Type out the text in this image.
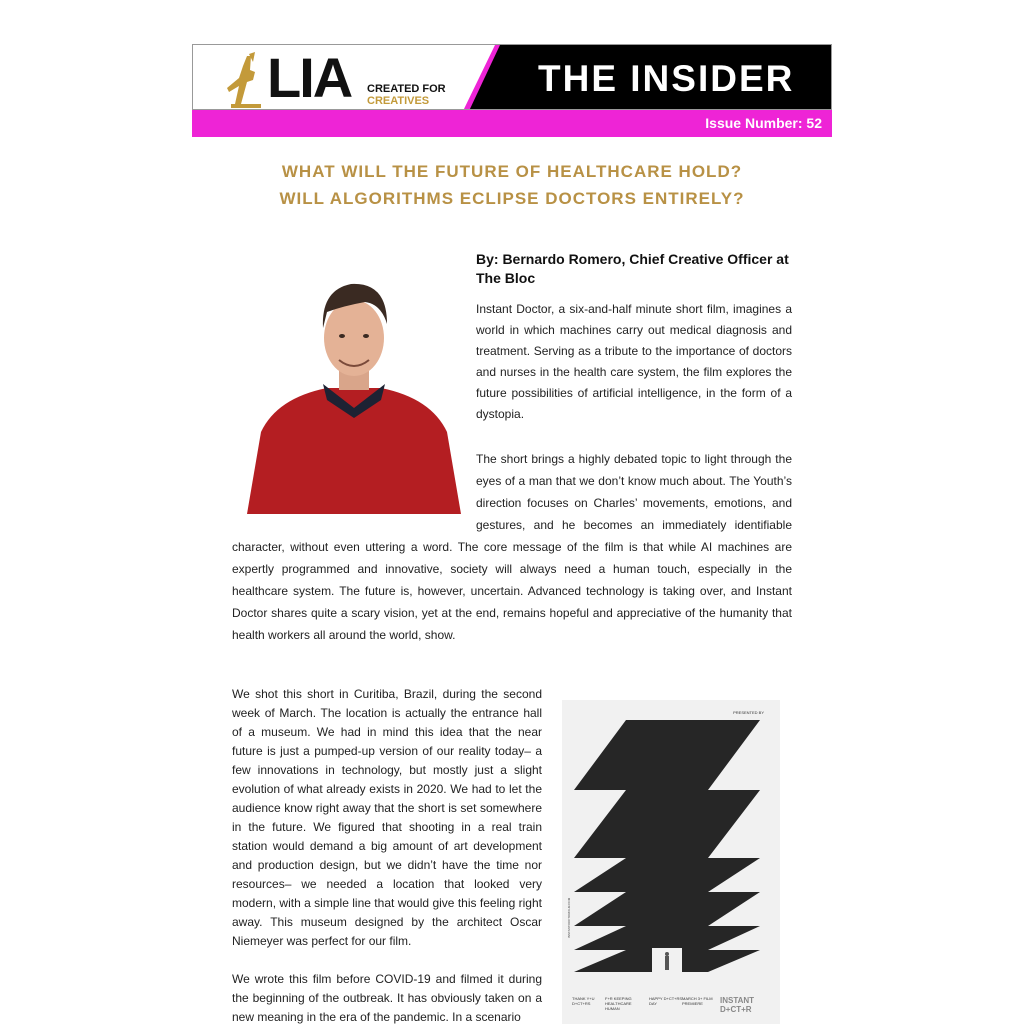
LIA CREATED FOR
CREATIVES
THE INSIDER
Issue Number: 52
WHAT WILL THE FUTURE OF HEALTHCARE HOLD?
WILL ALGORITHMS ECLIPSE DOCTORS ENTIRELY?
By: Bernardo Romero, Chief Creative Officer at The Bloc

Instant Doctor, a six-and-half minute short film, imagines a world in which machines carry out medical diagnosis and treatment. Serving as a tribute to the importance of doctors and nurses in the health care system, the film explores the future possibilities of artificial intelligence, in the form of a dystopia.

The short brings a highly debated topic to light through the eyes of a man that we don’t know much about. The Youth’s direction focuses on Charles’ movements, emotions, and gestures, and he becomes an immediately identifiable character, without even uttering a word. The core message of the film is that while AI machines are expertly programmed and innovative, society will always need a human touch, especially in the healthcare system. The future is, however, uncertain. Advanced technology is taking over, and Instant Doctor shares quite a scary vision, yet at the end, remains hopeful and appreciative of the humanity that health workers all around the world, show.

We shot this short in Curitiba, Brazil, during the second week of March. The location is actually the entrance hall of a museum. We had in mind this idea that the near future is just a pumped-up version of our reality today– a few innovations in technology, but mostly just a slight evolution of what already exists in 2020. We had to let the audience know right away that the short is set somewhere in the future. We figured that shooting in a real train station would demand a big amount of art development and production design, but we didn’t have the time nor resources– we needed a location that looked very modern, with a simple line that would give this feeling right away. This museum designed by the architect Oscar Niemeyer was perfect for our film.

We wrote this film before COVID-19 and filmed it during the beginning of the outbreak. It has obviously taken on a new meaning in the era of the pandemic. In a scenario

PRESENTED BY
INSTANTDOCTORFILM.COM
THANK Y+U D+CT+RS
F+R KEEPING HEALTHCARE HUMAN
HAPPY D+CT+RS' DAY
MARCH 3+ FILM PREMIERE	INSTANT D+CT+R
